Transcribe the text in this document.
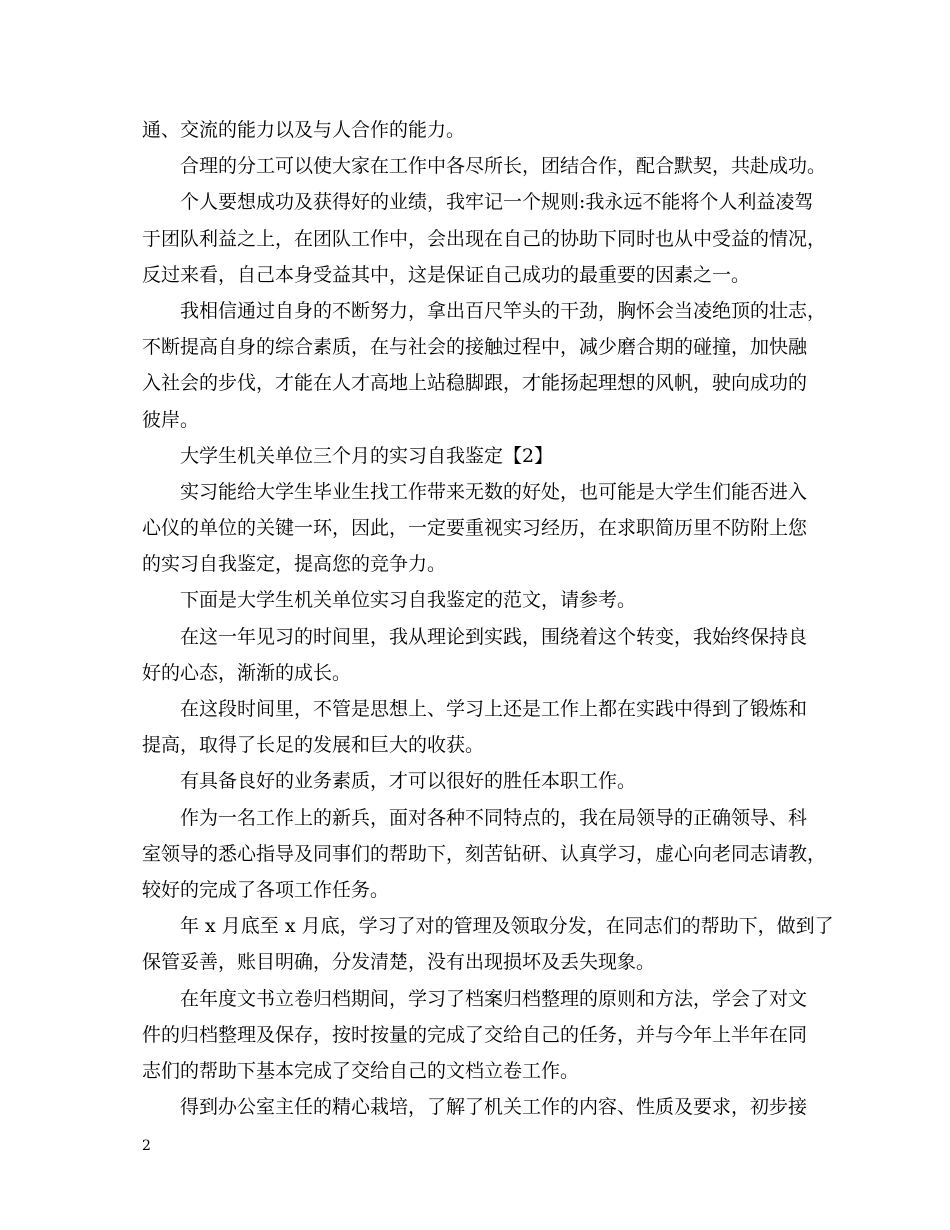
通、交流的能力以及与人合作的能力。
合理的分工可以使大家在工作中各尽所长，团结合作，配合默契，共赴成功。
个人要想成功及获得好的业绩，我牢记一个规则:我永远不能将个人利益凌驾
于团队利益之上，在团队工作中，会出现在自己的协助下同时也从中受益的情况，
反过来看，自己本身受益其中，这是保证自己成功的最重要的因素之一。
我相信通过自身的不断努力，拿出百尺竿头的干劲，胸怀会当凌绝顶的壮志，
不断提高自身的综合素质，在与社会的接触过程中，减少磨合期的碰撞，加快融
入社会的步伐，才能在人才高地上站稳脚跟，才能扬起理想的风帆，驶向成功的
彼岸。
大学生机关单位三个月的实习自我鉴定【2】
实习能给大学生毕业生找工作带来无数的好处，也可能是大学生们能否进入
心仪的单位的关键一环，因此，一定要重视实习经历，在求职简历里不防附上您
的实习自我鉴定，提高您的竞争力。
下面是大学生机关单位实习自我鉴定的范文，请参考。
在这一年见习的时间里，我从理论到实践，围绕着这个转变，我始终保持良
好的心态，渐渐的成长。
在这段时间里，不管是思想上、学习上还是工作上都在实践中得到了锻炼和
提高，取得了长足的发展和巨大的收获。
有具备良好的业务素质，才可以很好的胜任本职工作。
作为一名工作上的新兵，面对各种不同特点的，我在局领导的正确领导、科
室领导的悉心指导及同事们的帮助下，刻苦钻研、认真学习，虚心向老同志请教，
较好的完成了各项工作任务。
年 x 月底至 x 月底，学习了对的管理及领取分发，在同志们的帮助下，做到了
保管妥善，账目明确，分发清楚，没有出现损坏及丢失现象。
在年度文书立卷归档期间，学习了档案归档整理的原则和方法，学会了对文
件的归档整理及保存，按时按量的完成了交给自己的任务，并与今年上半年在同
志们的帮助下基本完成了交给自己的文档立卷工作。
得到办公室主任的精心栽培，了解了机关工作的内容、性质及要求，初步接
2
